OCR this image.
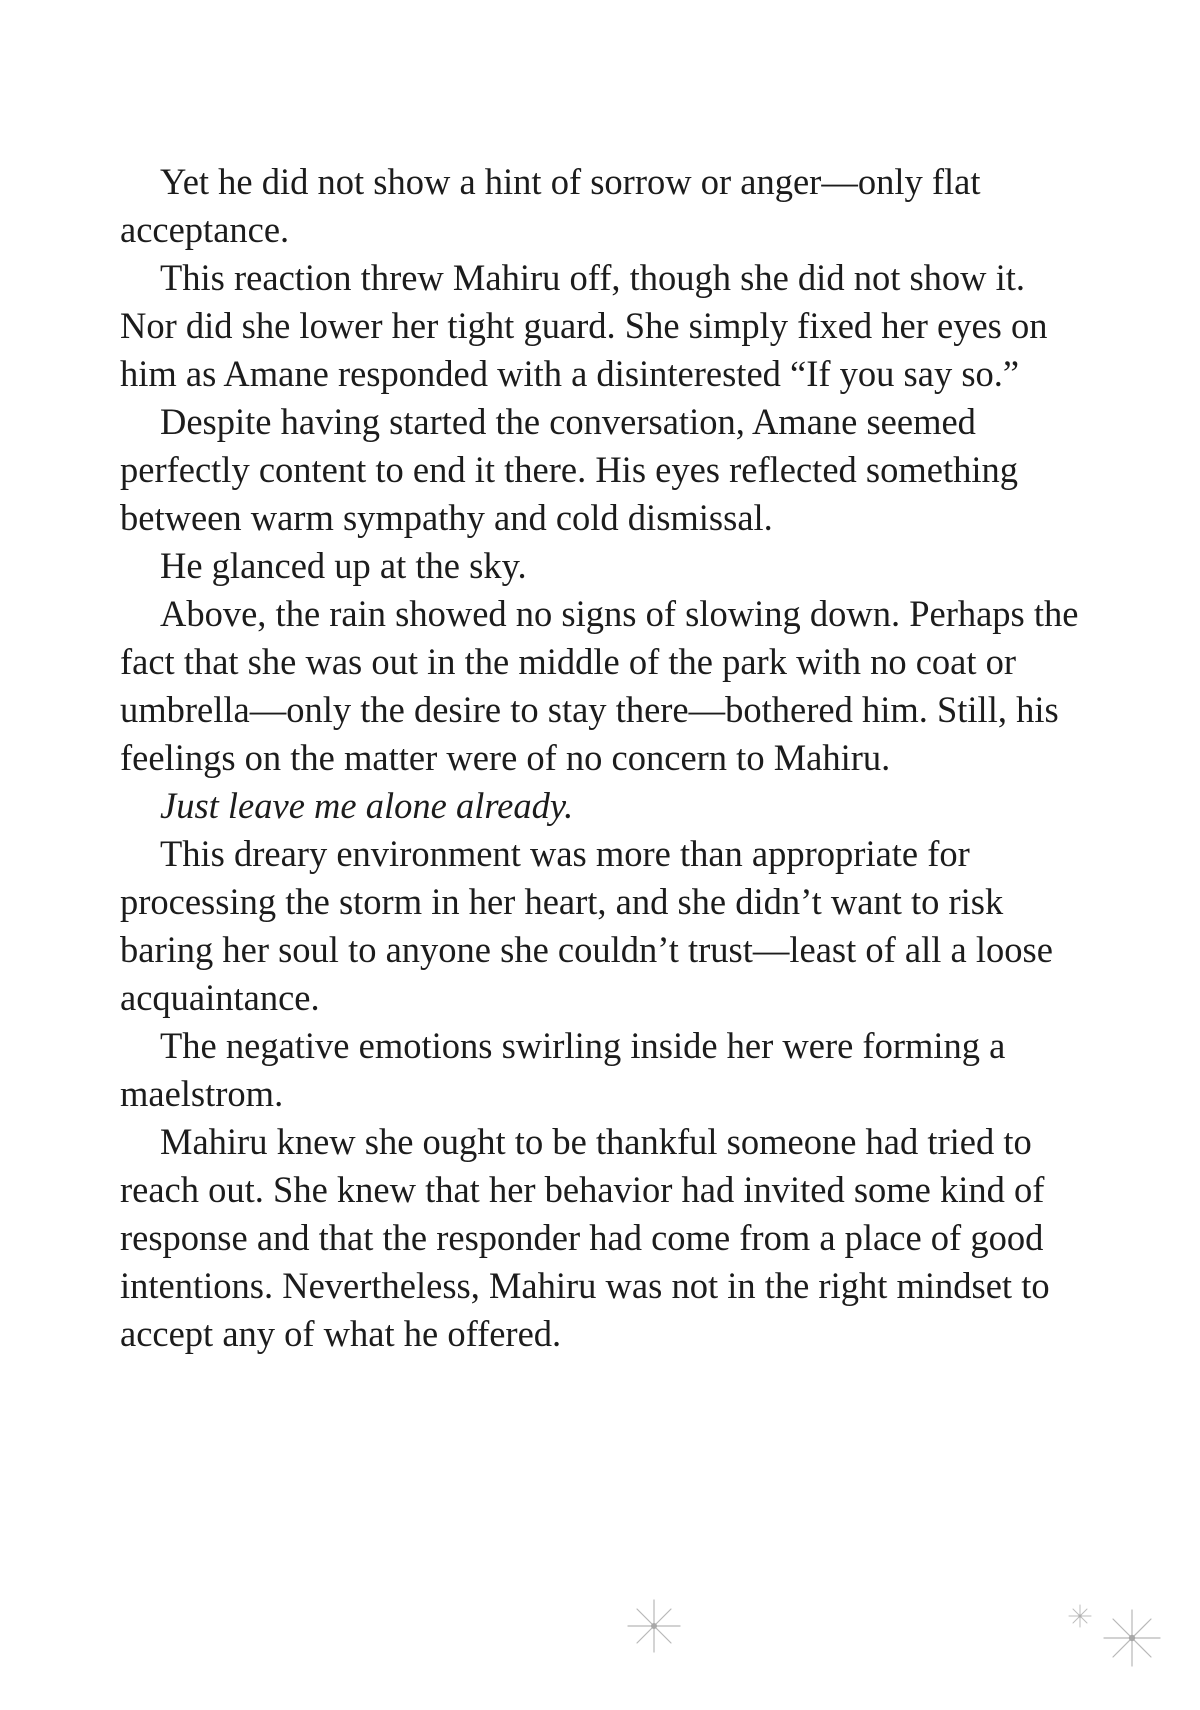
Yet he did not show a hint of sorrow or anger—only flat acceptance.

This reaction threw Mahiru off, though she did not show it. Nor did she lower her tight guard. She simply fixed her eyes on him as Amane responded with a disinterested “If you say so.”

Despite having started the conversation, Amane seemed perfectly content to end it there. His eyes reflected something between warm sympathy and cold dismissal.

He glanced up at the sky.

Above, the rain showed no signs of slowing down. Perhaps the fact that she was out in the middle of the park with no coat or umbrella—only the desire to stay there—bothered him. Still, his feelings on the matter were of no concern to Mahiru.

Just leave me alone already.

This dreary environment was more than appropriate for processing the storm in her heart, and she didn’t want to risk baring her soul to anyone she couldn’t trust—least of all a loose acquaintance.

The negative emotions swirling inside her were forming a maelstrom.

Mahiru knew she ought to be thankful someone had tried to reach out. She knew that her behavior had invited some kind of response and that the responder had come from a place of good intentions. Nevertheless, Mahiru was not in the right mindset to accept any of what he offered.
